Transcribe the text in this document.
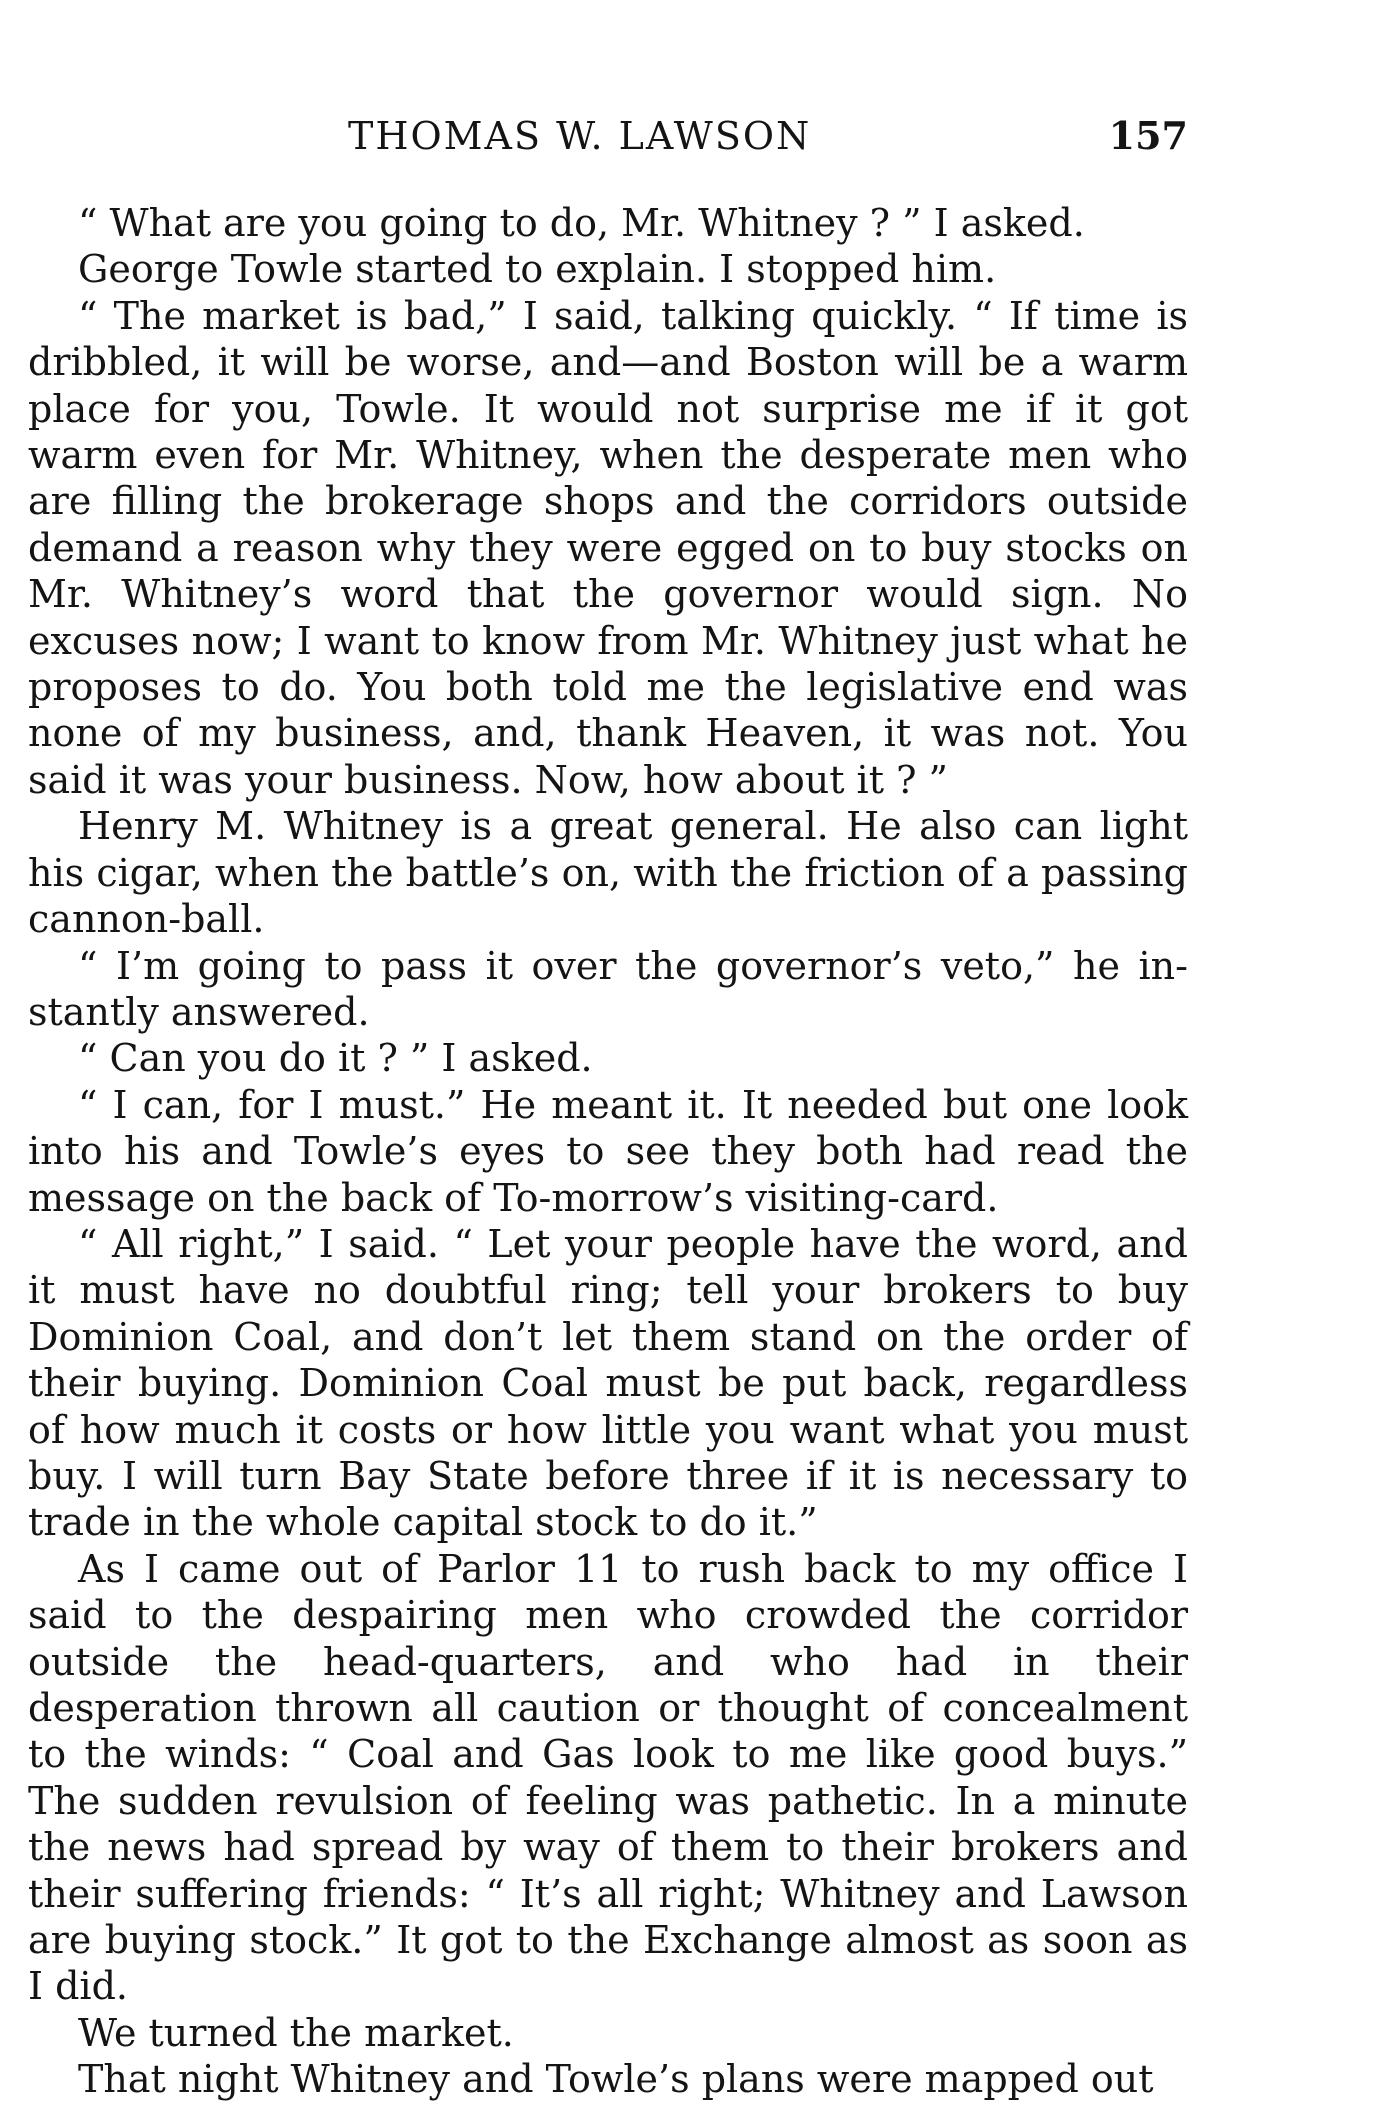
THOMAS W. LAWSON	157

“ What are you going to do, Mr. Whitney ? ” I asked.

George Towle started to explain. I stopped him.

“ The market is bad,” I said, talking quickly. “ If time is dribbled, it will be worse, and—and Boston will be a warm place for you, Towle. It would not surprise me if it got warm even for Mr. Whitney, when the desperate men who are filling the brokerage shops and the corridors outside demand a reason why they were egged on to buy stocks on Mr. Whitney’s word that the governor would sign. No excuses now; I want to know from Mr. Whitney just what he proposes to do. You both told me the legislative end was none of my business, and, thank Heaven, it was not. You said it was your business. Now, how about it ? ”

Henry M. Whitney is a great general. He also can light his cigar, when the battle’s on, with the friction of a passing cannon-ball.

“ I’m going to pass it over the governor’s veto,” he instantly answered.

“ Can you do it ? ” I asked.

“ I can, for I must.” He meant it. It needed but one look into his and Towle’s eyes to see they both had read the message on the back of To-morrow’s visiting-card.

“ All right,” I said. “ Let your people have the word, and it must have no doubtful ring; tell your brokers to buy Dominion Coal, and don’t let them stand on the order of their buying. Dominion Coal must be put back, regardless of how much it costs or how little you want what you must buy. I will turn Bay State before three if it is necessary to trade in the whole capital stock to do it.”

As I came out of Parlor 11 to rush back to my office I said to the despairing men who crowded the corridor outside the head-quarters, and who had in their desperation thrown all caution or thought of concealment to the winds: “ Coal and Gas look to me like good buys.” The sudden revulsion of feeling was pathetic. In a minute the news had spread by way of them to their brokers and their suffering friends: “ It’s all right; Whitney and Lawson are buying stock.” It got to the Exchange almost as soon as I did.

We turned the market.

That night Whitney and Towle’s plans were mapped out
